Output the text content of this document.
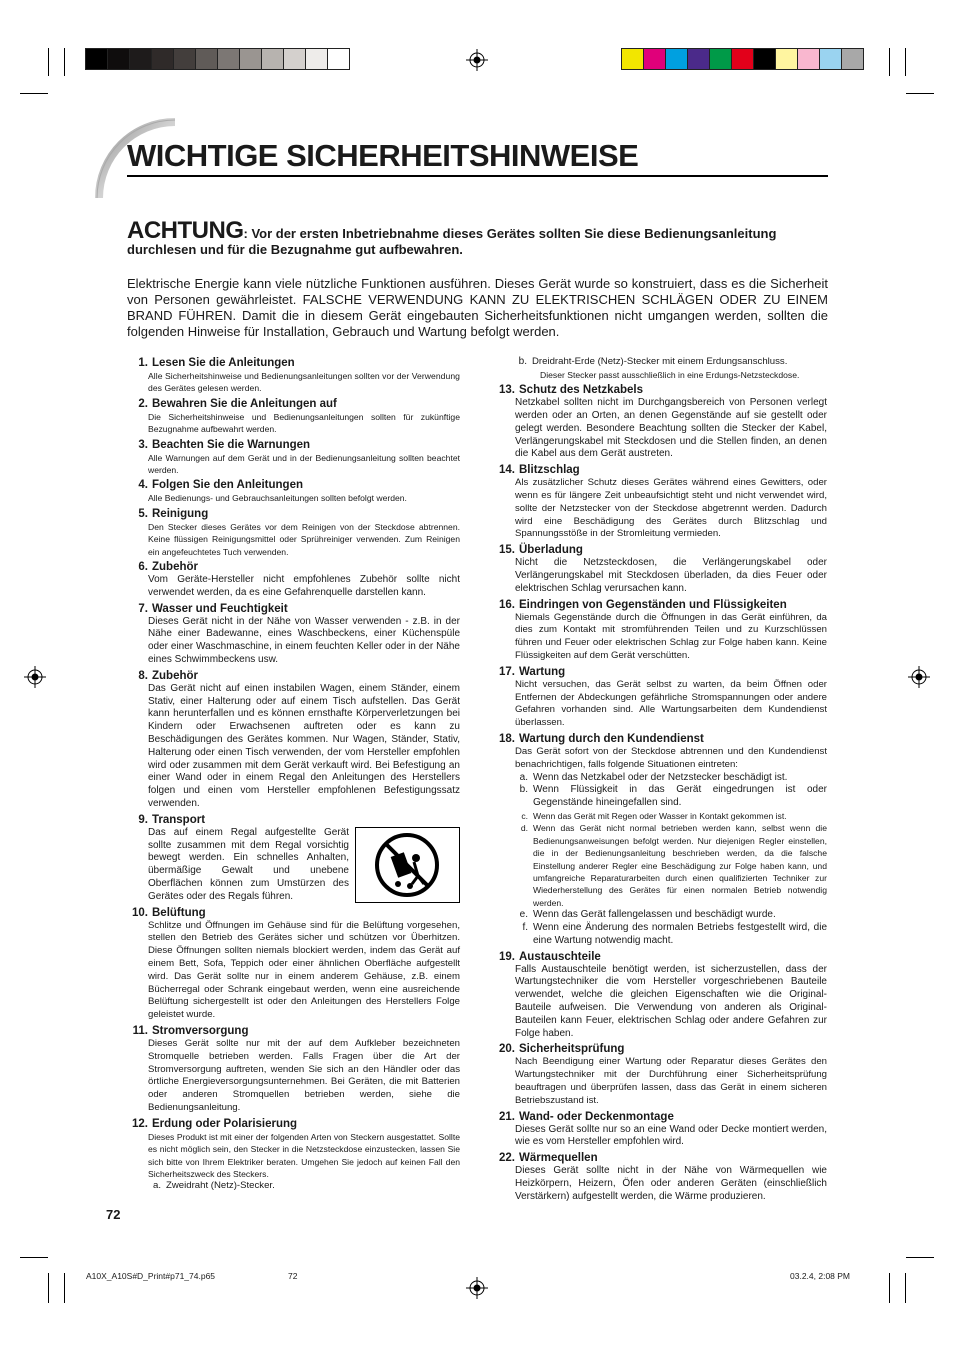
WICHTIGE SICHERHEITSHINWEISE
ACHTUNG: Vor der ersten Inbetriebnahme dieses Gerätes sollten Sie diese Bedienungsanleitung durchlesen und für die Bezugnahme gut aufbewahren.

Elektrische Energie kann viele nützliche Funktionen ausführen. Dieses Gerät wurde so konstruiert, dass es die Sicherheit von Personen gewährleistet. FALSCHE VERWENDUNG KANN ZU ELEKTRISCHEN SCHLÄGEN ODER ZU EINEM BRAND FÜHREN. Damit die in diesem Gerät eingebauten Sicherheitsfunktionen nicht umgangen werden, sollten die folgenden Hinweise für Installation, Gebrauch und Wartung befolgt werden.

1. Lesen Sie die Anleitungen
Alle Sicherheitshinweise und Bedienungsanleitungen sollten vor der Verwendung des Gerätes gelesen werden.
2. Bewahren Sie die Anleitungen auf
Die Sicherheitshinweise und Bedienungsanleitungen sollten für zukünftige Bezugnahme aufbewahrt werden.
3. Beachten Sie die Warnungen
Alle Warnungen auf dem Gerät und in der Bedienungsanleitung sollten beachtet werden.
4. Folgen Sie den Anleitungen
Alle Bedienungs- und Gebrauchsanleitungen sollten befolgt werden.
5. Reinigung
Den Stecker dieses Gerätes vor dem Reinigen von der Steckdose abtrennen. Keine flüssigen Reinigungsmittel oder Sprühreiniger verwenden. Zum Reinigen ein angefeuchtetes Tuch verwenden.
6. Zubehör
Vom Geräte-Hersteller nicht empfohlenes Zubehör sollte nicht verwendet werden, da es eine Gefahrenquelle darstellen kann.
7. Wasser und Feuchtigkeit
Dieses Gerät nicht in der Nähe von Wasser verwenden - z.B. in der Nähe einer Badewanne, eines Waschbeckens, einer Küchenspüle oder einer Waschmaschine, in einem feuchten Keller oder in der Nähe eines Schwimmbeckens usw.
8. Zubehör
Das Gerät nicht auf einen instabilen Wagen, einem Ständer, einem Stativ, einer Halterung oder auf einem Tisch aufstellen. Das Gerät kann herunterfallen und es können ernsthafte Körperverletzungen bei Kindern oder Erwachsenen auftreten oder es kann zu Beschädigungen des Gerätes kommen. Nur Wagen, Ständer, Stativ, Halterung oder einen Tisch verwenden, der vom Hersteller empfohlen wird oder zusammen mit dem Gerät verkauft wird. Bei Befestigung an einer Wand oder in einem Regal den Anleitungen des Herstellers folgen und einen vom Hersteller empfohlenen Befestigungssatz verwenden.
9. Transport
Das auf einem Regal aufgestellte Gerät sollte zusammen mit dem Regal vorsichtig bewegt werden. Ein schnelles Anhalten, übermäßige Gewalt und unebene Oberflächen können zum Umstürzen des Gerätes oder des Regals führen.
10. Belüftung
Schlitze und Öffnungen im Gehäuse sind für die Belüftung vorgesehen, stellen den Betrieb des Gerätes sicher und schützen vor Überhitzen. Diese Öffnungen sollten niemals blockiert werden, indem das Gerät auf einem Bett, Sofa, Teppich oder einer ähnlichen Oberfläche aufgestellt wird. Das Gerät sollte nur in einem anderem Gehäuse, z.B. einem Bücherregal oder Schrank eingebaut werden, wenn eine ausreichende Belüftung sichergestellt ist oder den Anleitungen des Herstellers Folge geleistet wurde.
11. Stromversorgung
Dieses Gerät sollte nur mit der auf dem Aufkleber bezeichneten Stromquelle betrieben werden. Falls Fragen über die Art der Stromversorgung auftreten, wenden Sie sich an den Händler oder das örtliche Energieversorgungsunternehmen. Bei Geräten, die mit Batterien oder anderen Stromquellen betrieben werden, siehe die Bedienungsanleitung.
12. Erdung oder Polarisierung
Dieses Produkt ist mit einer der folgenden Arten von Steckern ausgestattet. Sollte es nicht möglich sein, den Stecker in die Netzsteckdose einzustecken, lassen Sie sich bitte von Ihrem Elektriker beraten. Umgehen Sie jedoch auf keinen Fall den Sicherheitszweck des Steckers.
a. Zweidraht (Netz)-Stecker.
b. Dreidraht-Erde (Netz)-Stecker mit einem Erdungsanschluss.
Dieser Stecker passt ausschließlich in eine Erdungs-Netzsteckdose.
13. Schutz des Netzkabels
Netzkabel sollten nicht im Durchgangsbereich von Personen verlegt werden oder an Orten, an denen Gegenstände auf sie gestellt oder gelegt werden. Besondere Beachtung sollten die Stecker der Kabel, Verlängerungskabel mit Steckdosen und die Stellen finden, an denen die Kabel aus dem Gerät austreten.
14. Blitzschlag
Als zusätzlicher Schutz dieses Gerätes während eines Gewitters, oder wenn es für längere Zeit unbeaufsichtigt steht und nicht verwendet wird, sollte der Netzstecker von der Steckdose abgetrennt werden. Dadurch wird eine Beschädigung des Gerätes durch Blitzschlag und Spannungsstöße in der Stromleitung vermieden.
15. Überladung
Nicht die Netzsteckdosen, die Verlängerungskabel oder Verlängerungskabel mit Steckdosen überladen, da dies Feuer oder elektrischen Schlag verursachen kann.
16. Eindringen von Gegenständen und Flüssigkeiten
Niemals Gegenstände durch die Öffnungen in das Gerät einführen, da dies zum Kontakt mit stromführenden Teilen und zu Kurzschlüssen führen und Feuer oder elektrischen Schlag zur Folge haben kann. Keine Flüssigkeiten auf dem Gerät verschütten.
17. Wartung
Nicht versuchen, das Gerät selbst zu warten, da beim Öffnen oder Entfernen der Abdeckungen gefährliche Stromspannungen oder andere Gefahren vorhanden sind. Alle Wartungsarbeiten dem Kundendienst überlassen.
18. Wartung durch den Kundendienst
Das Gerät sofort von der Steckdose abtrennen und den Kundendienst benachrichtigen, falls folgende Situationen eintreten:
a. Wenn das Netzkabel oder der Netzstecker beschädigt ist.
b. Wenn Flüssigkeit in das Gerät eingedrungen ist oder Gegenstände hineingefallen sind.
c. Wenn das Gerät mit Regen oder Wasser in Kontakt gekommen ist.
d. Wenn das Gerät nicht normal betrieben werden kann, selbst wenn die Bedienungsanweisungen befolgt werden. Nur diejenigen Regler einstellen, die in der Bedienungsanleitung beschrieben werden, da die falsche Einstellung anderer Regler eine Beschädigung zur Folge haben kann, und umfangreiche Reparaturarbeiten durch einen qualifizierten Techniker zur Wiederherstellung des Gerätes für einen normalen Betrieb notwendig werden.
e. Wenn das Gerät fallengelassen und beschädigt wurde.
f. Wenn eine Änderung des normalen Betriebs festgestellt wird, die eine Wartung notwendig macht.
19. Austauschteile
Falls Austauschteile benötigt werden, ist sicherzustellen, dass der Wartungstechniker die vom Hersteller vorgeschriebenen Bauteile verwendet, welche die gleichen Eigenschaften wie die Original-Bauteile aufweisen. Die Verwendung von anderen als Original-Bauteilen kann Feuer, elektrischen Schlag oder andere Gefahren zur Folge haben.
20. Sicherheitsprüfung
Nach Beendigung einer Wartung oder Reparatur dieses Gerätes den Wartungstechniker mit der Durchführung einer Sicherheitsprüfung beauftragen und überprüfen lassen, dass das Gerät in einem sicheren Betriebszustand ist.
21. Wand- oder Deckenmontage
Dieses Gerät sollte nur so an eine Wand oder Decke montiert werden, wie es vom Hersteller empfohlen wird.
22. Wärmequellen
Dieses Gerät sollte nicht in der Nähe von Wärmequellen wie Heizkörpern, Heizern, Öfen oder anderen Geräten (einschließlich Verstärkern) aufgestellt werden, die Wärme produzieren.
72
A10X_A10S#D_Print#p71_74.p65	72	03.2.4, 2:08 PM
